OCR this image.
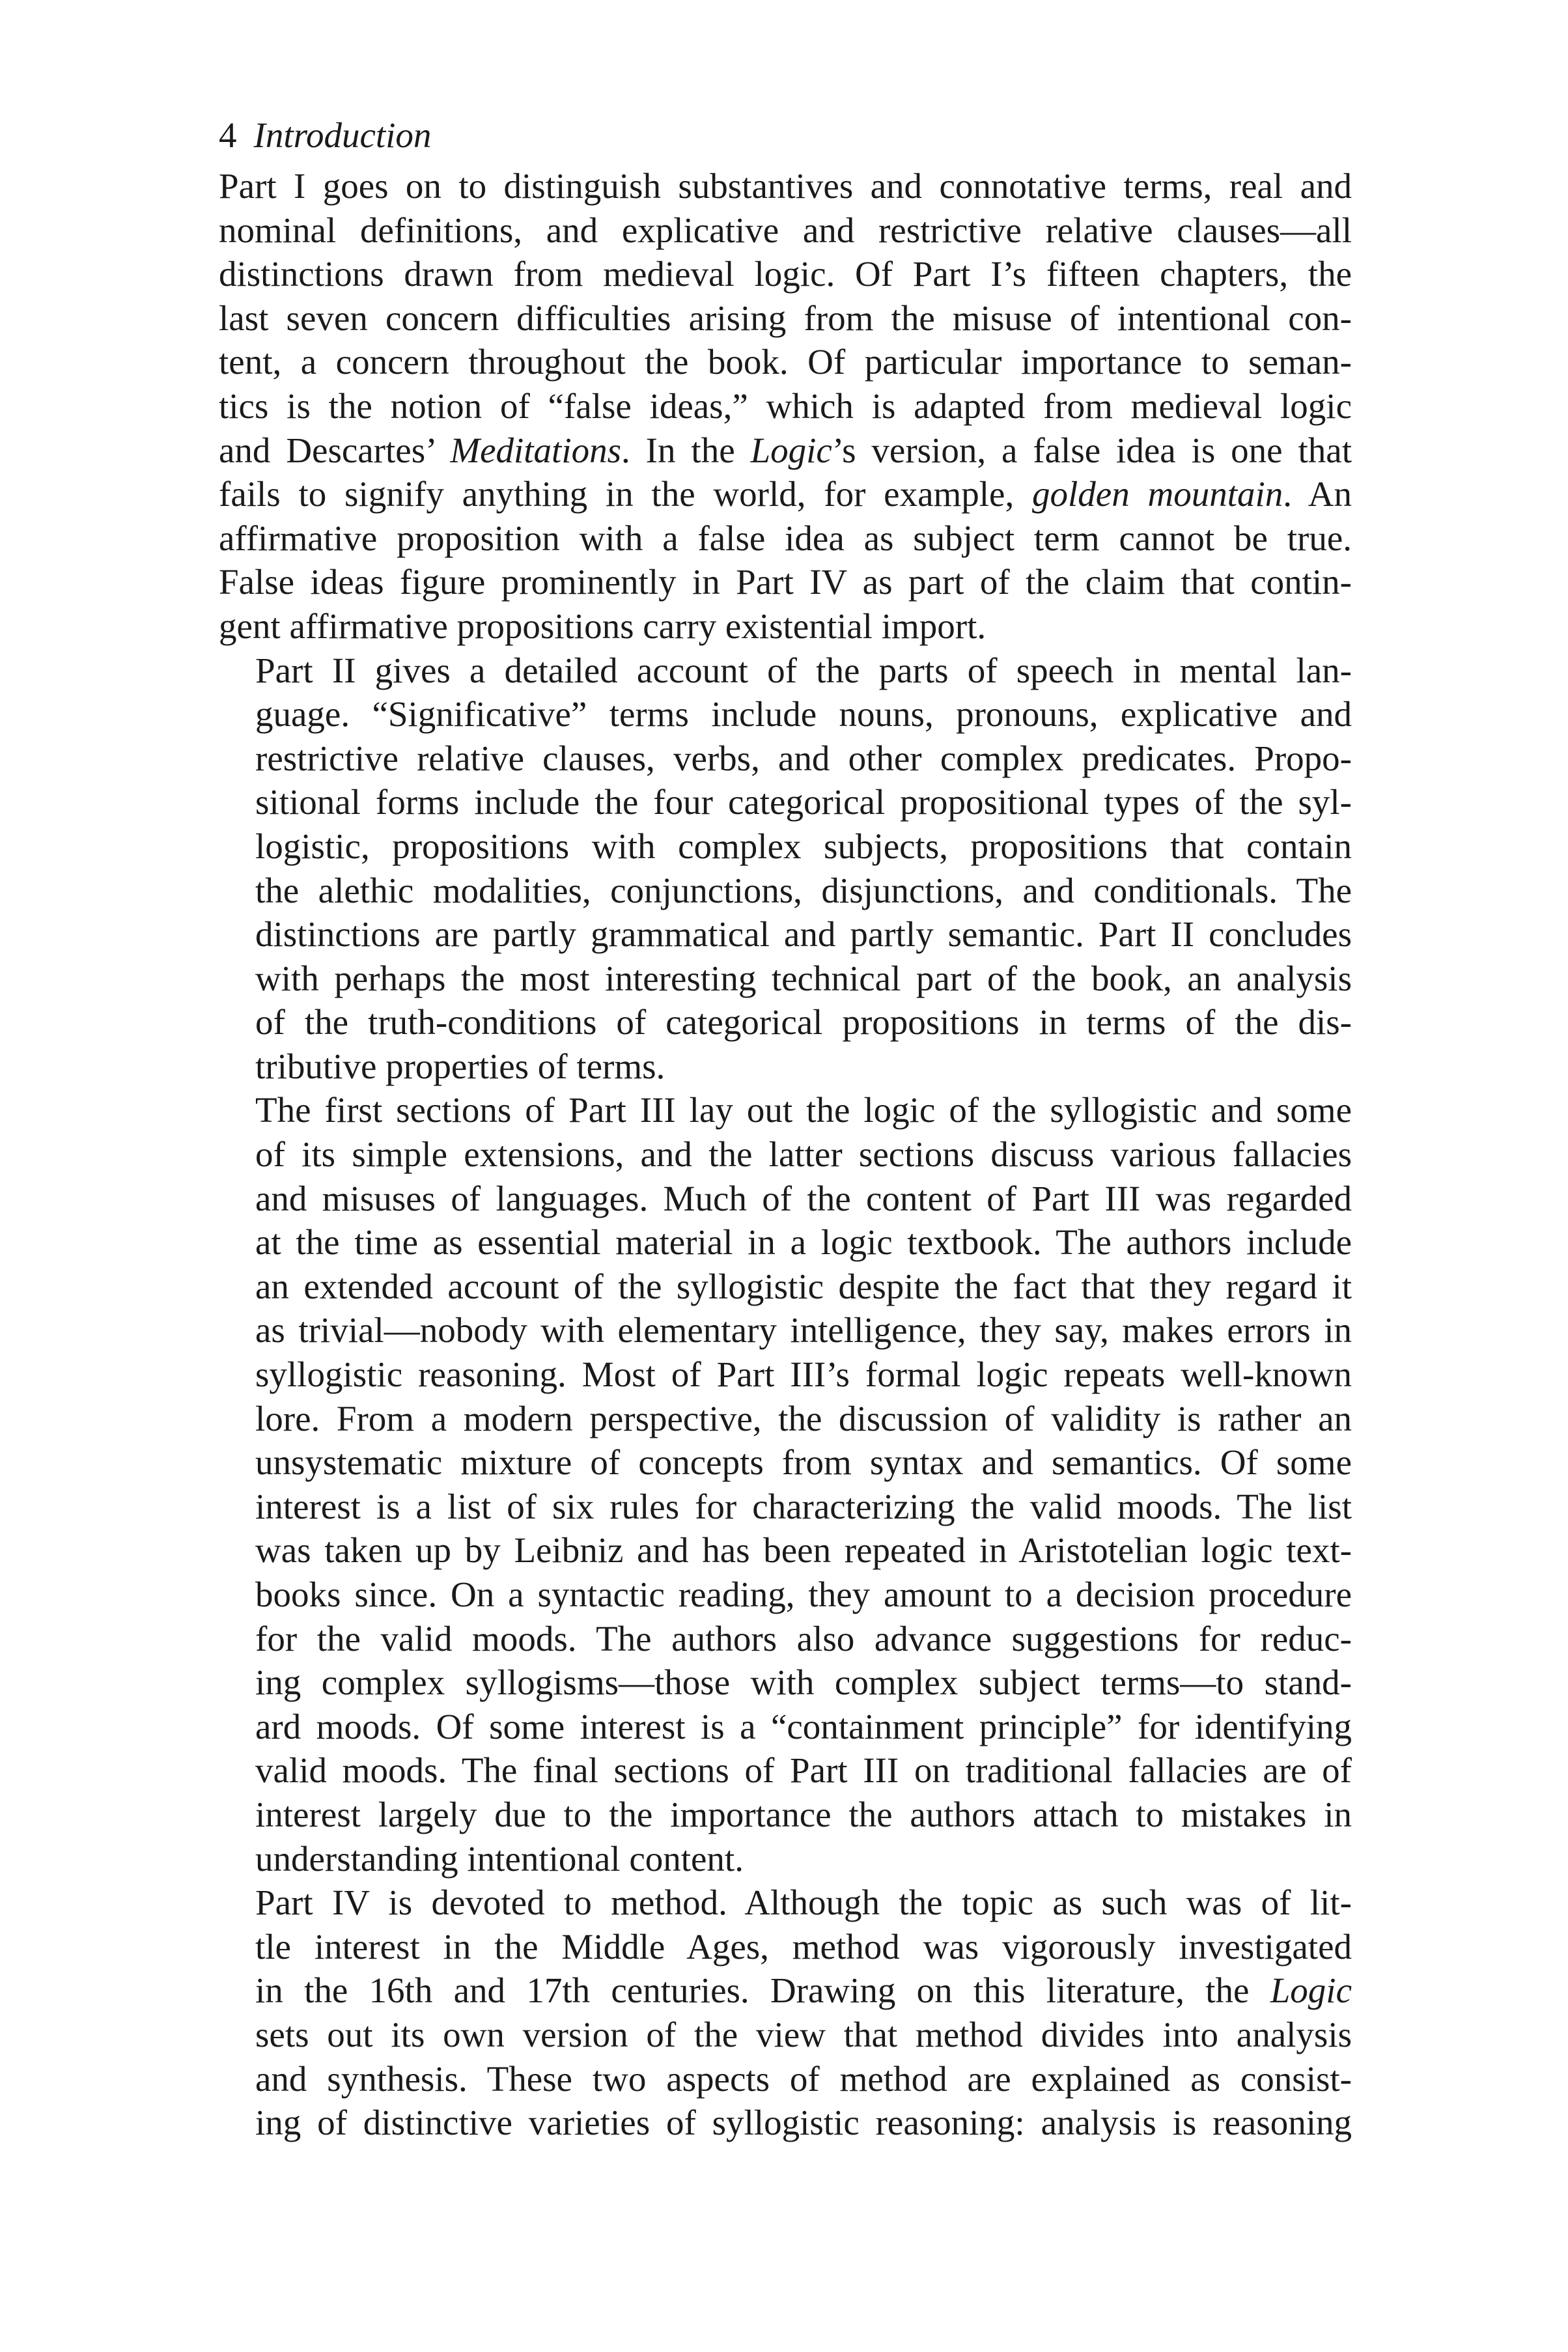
4 Introduction
Part I goes on to distinguish substantives and connotative terms, real and
nominal definitions, and explicative and restrictive relative clauses—all
distinctions drawn from medieval logic. Of Part I’s fifteen chapters, the
last seven concern difficulties arising from the misuse of intentional con-
tent, a concern throughout the book. Of particular importance to seman-
tics is the notion of “false ideas,” which is adapted from medieval logic
and Descartes’ Meditations. In the Logic’s version, a false idea is one that
fails to signify anything in the world, for example, golden mountain. An
affirmative proposition with a false idea as subject term cannot be true.
False ideas figure prominently in Part IV as part of the claim that contin-
gent affirmative propositions carry existential import.
Part II gives a detailed account of the parts of speech in mental lan-
guage. “Significative” terms include nouns, pronouns, explicative and
restrictive relative clauses, verbs, and other complex predicates. Propo-
sitional forms include the four categorical propositional types of the syl-
logistic, propositions with complex subjects, propositions that contain
the alethic modalities, conjunctions, disjunctions, and conditionals. The
distinctions are partly grammatical and partly semantic. Part II concludes
with perhaps the most interesting technical part of the book, an analysis
of the truth-conditions of categorical propositions in terms of the dis-
tributive properties of terms.
The first sections of Part III lay out the logic of the syllogistic and some
of its simple extensions, and the latter sections discuss various fallacies
and misuses of languages. Much of the content of Part III was regarded
at the time as essential material in a logic textbook. The authors include
an extended account of the syllogistic despite the fact that they regard it
as trivial—nobody with elementary intelligence, they say, makes errors in
syllogistic reasoning. Most of Part III’s formal logic repeats well-known
lore. From a modern perspective, the discussion of validity is rather an
unsystematic mixture of concepts from syntax and semantics. Of some
interest is a list of six rules for characterizing the valid moods. The list
was taken up by Leibniz and has been repeated in Aristotelian logic text-
books since. On a syntactic reading, they amount to a decision procedure
for the valid moods. The authors also advance suggestions for reduc-
ing complex syllogisms—those with complex subject terms—to stand-
ard moods. Of some interest is a “containment principle” for identifying
valid moods. The final sections of Part III on traditional fallacies are of
interest largely due to the importance the authors attach to mistakes in
understanding intentional content.
Part IV is devoted to method. Although the topic as such was of lit-
tle interest in the Middle Ages, method was vigorously investigated
in the 16th and 17th centuries. Drawing on this literature, the Logic
sets out its own version of the view that method divides into analysis
and synthesis. These two aspects of method are explained as consist-
ing of distinctive varieties of syllogistic reasoning: analysis is reasoning
